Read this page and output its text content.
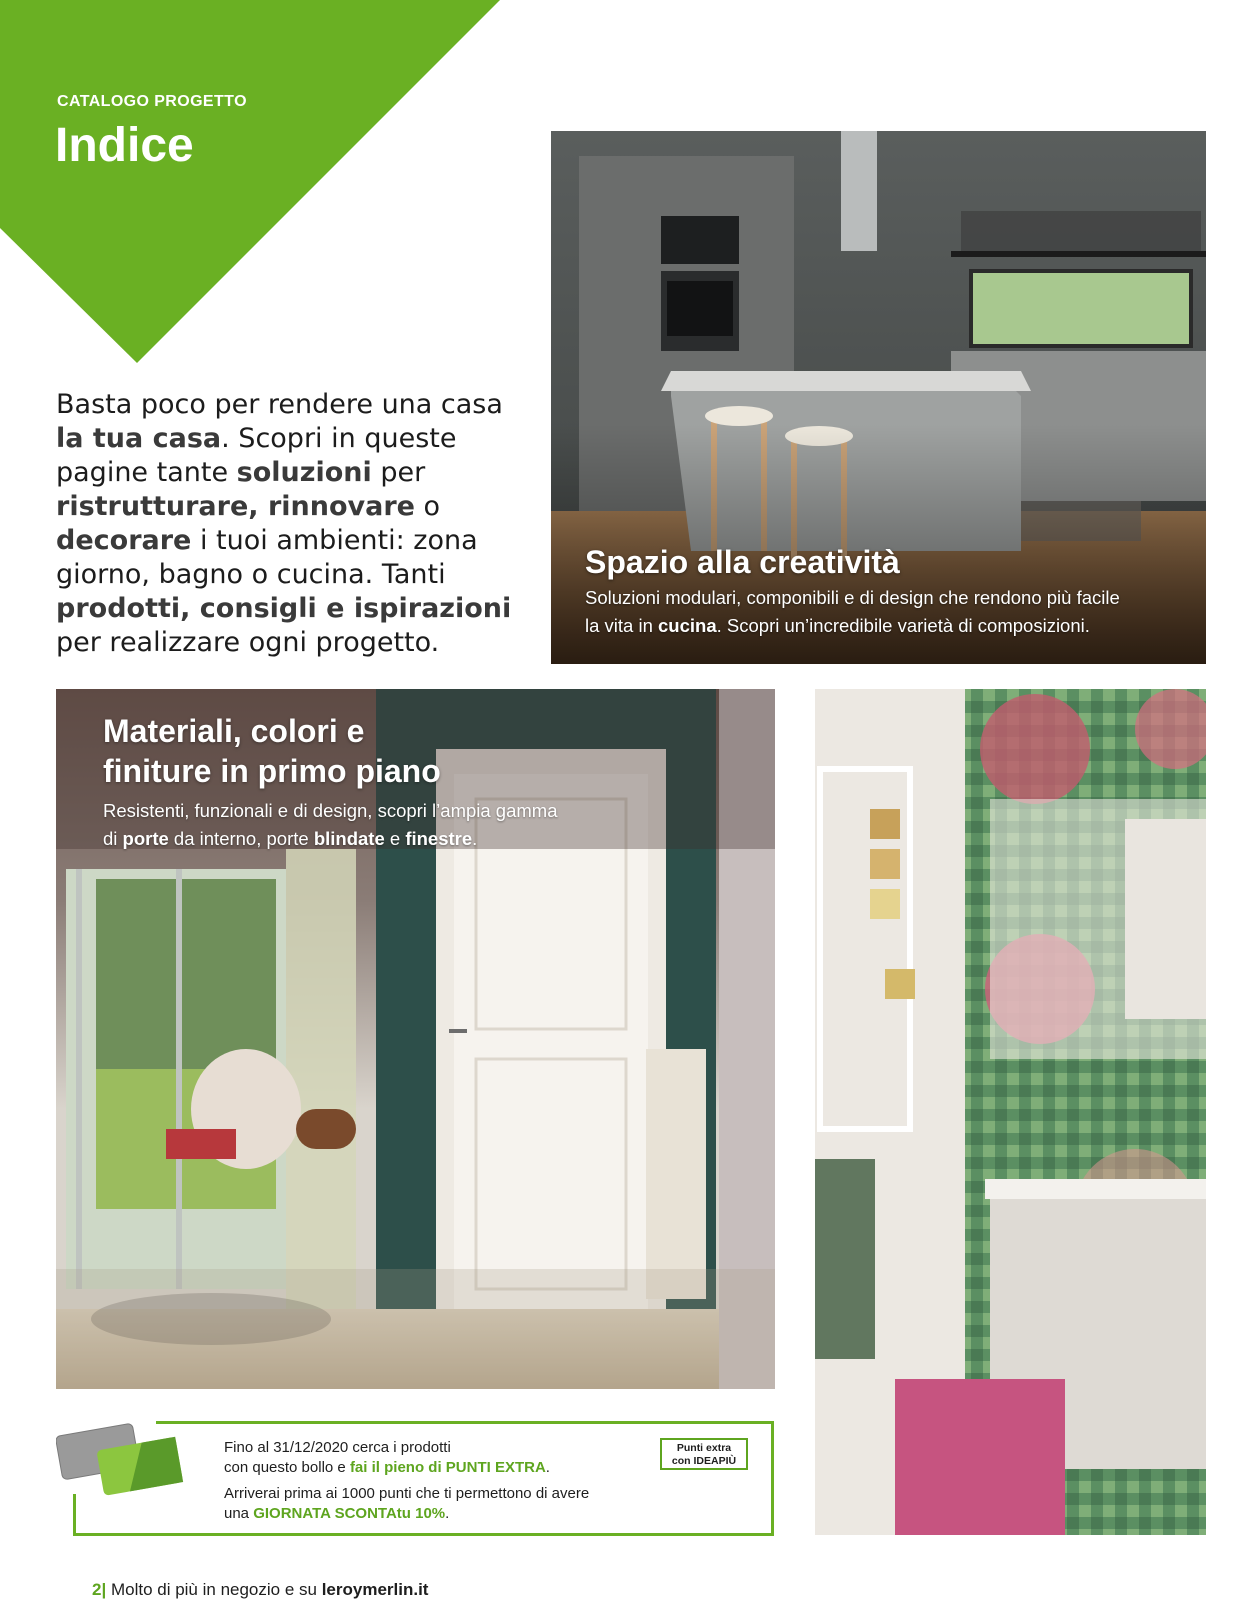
CATALOGO PROGETTO
Indice

Basta poco per rendere una casa la tua casa. Scopri in queste pagine tante soluzioni per ristrutturare, rinnovare o decorare i tuoi ambienti: zona giorno, bagno o cucina. Tanti prodotti, consigli e ispirazioni per realizzare ogni progetto.

Spazio alla creatività

Soluzioni modulari, componibili e di design che rendono più facile
la vita in cucina. Scopri un’incredibile varietà di composizioni.

Materiali, colori e
finiture in primo piano

Resistenti, funzionali e di design, scopri l’ampia gamma
di porte da interno, porte blindate e finestre.

Fino al 31/12/2020 cerca i prodotti
con questo bollo e fai il pieno di PUNTI EXTRA.

Arriverai prima ai 1000 punti che ti permettono di avere
una GIORNATA SCONTAtu 10%.

Punti extra
con IDEAPIÙ
2| Molto di più in negozio e su leroymerlin.it
